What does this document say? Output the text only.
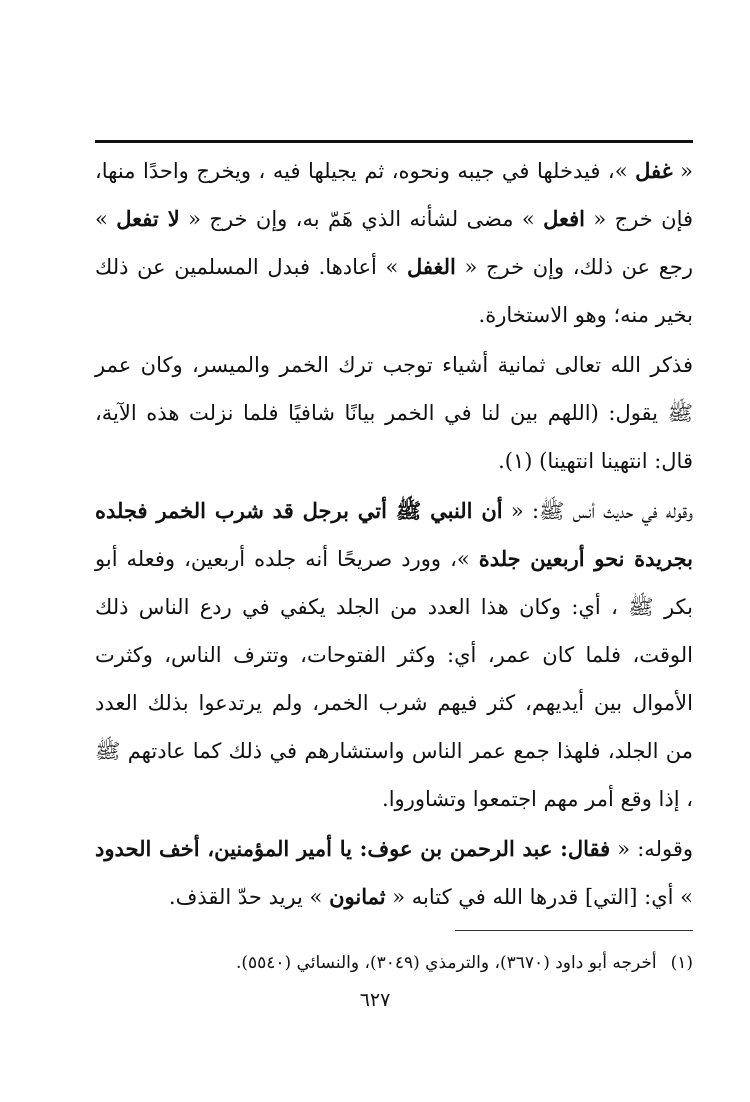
« غفل »، فيدخلها في جيبه ونحوه، ثم يجيلها فيه ، ويخرج واحدًا منها، فإن خرج « افعل » مضى لشأنه الذي هَمّ به، وإن خرج « لا تفعل » رجع عن ذلك، وإن خرج « الغفل » أعادها. فبدل المسلمين عن ذلك بخير منه؛ وهو الاستخارة.

فذكر الله تعالى ثمانية أشياء توجب ترك الخمر والميسر، وكان عمر ﷺ يقول: (اللهم بين لنا في الخمر بيانًا شافيًا فلما نزلت هذه الآية، قال: انتهينا انتهينا) (١).

وقوله في حديث أنس ﷺ: « أن النبي ﷺ أتي برجل قد شرب الخمر فجلده بجريدة نحو أربعين جلدة »، وورد صريحًا أنه جلده أربعين، وفعله أبو بكر ﷺ ، أي: وكان هذا العدد من الجلد يكفي في ردع الناس ذلك الوقت، فلما كان عمر، أي: وكثر الفتوحات، وتترف الناس، وكثرت الأموال بين أيديهم، كثر فيهم شرب الخمر، ولم يرتدعوا بذلك العدد من الجلد، فلهذا جمع عمر الناس واستشارهم في ذلك كما عادتهم ﷺ ، إذا وقع أمر مهم اجتمعوا وتشاوروا.

وقوله: « فقال: عبد الرحمن بن عوف: يا أمير المؤمنين، أخف الحدود » أي: [التي] قدرها الله في كتابه « ثمانون » يريد حدّ القذف.

(١)أخرجه أبو داود (٣٦٧٠)، والترمذي (٣٠٤٩)، والنسائي (٥٥٤٠).
٦٢٧
